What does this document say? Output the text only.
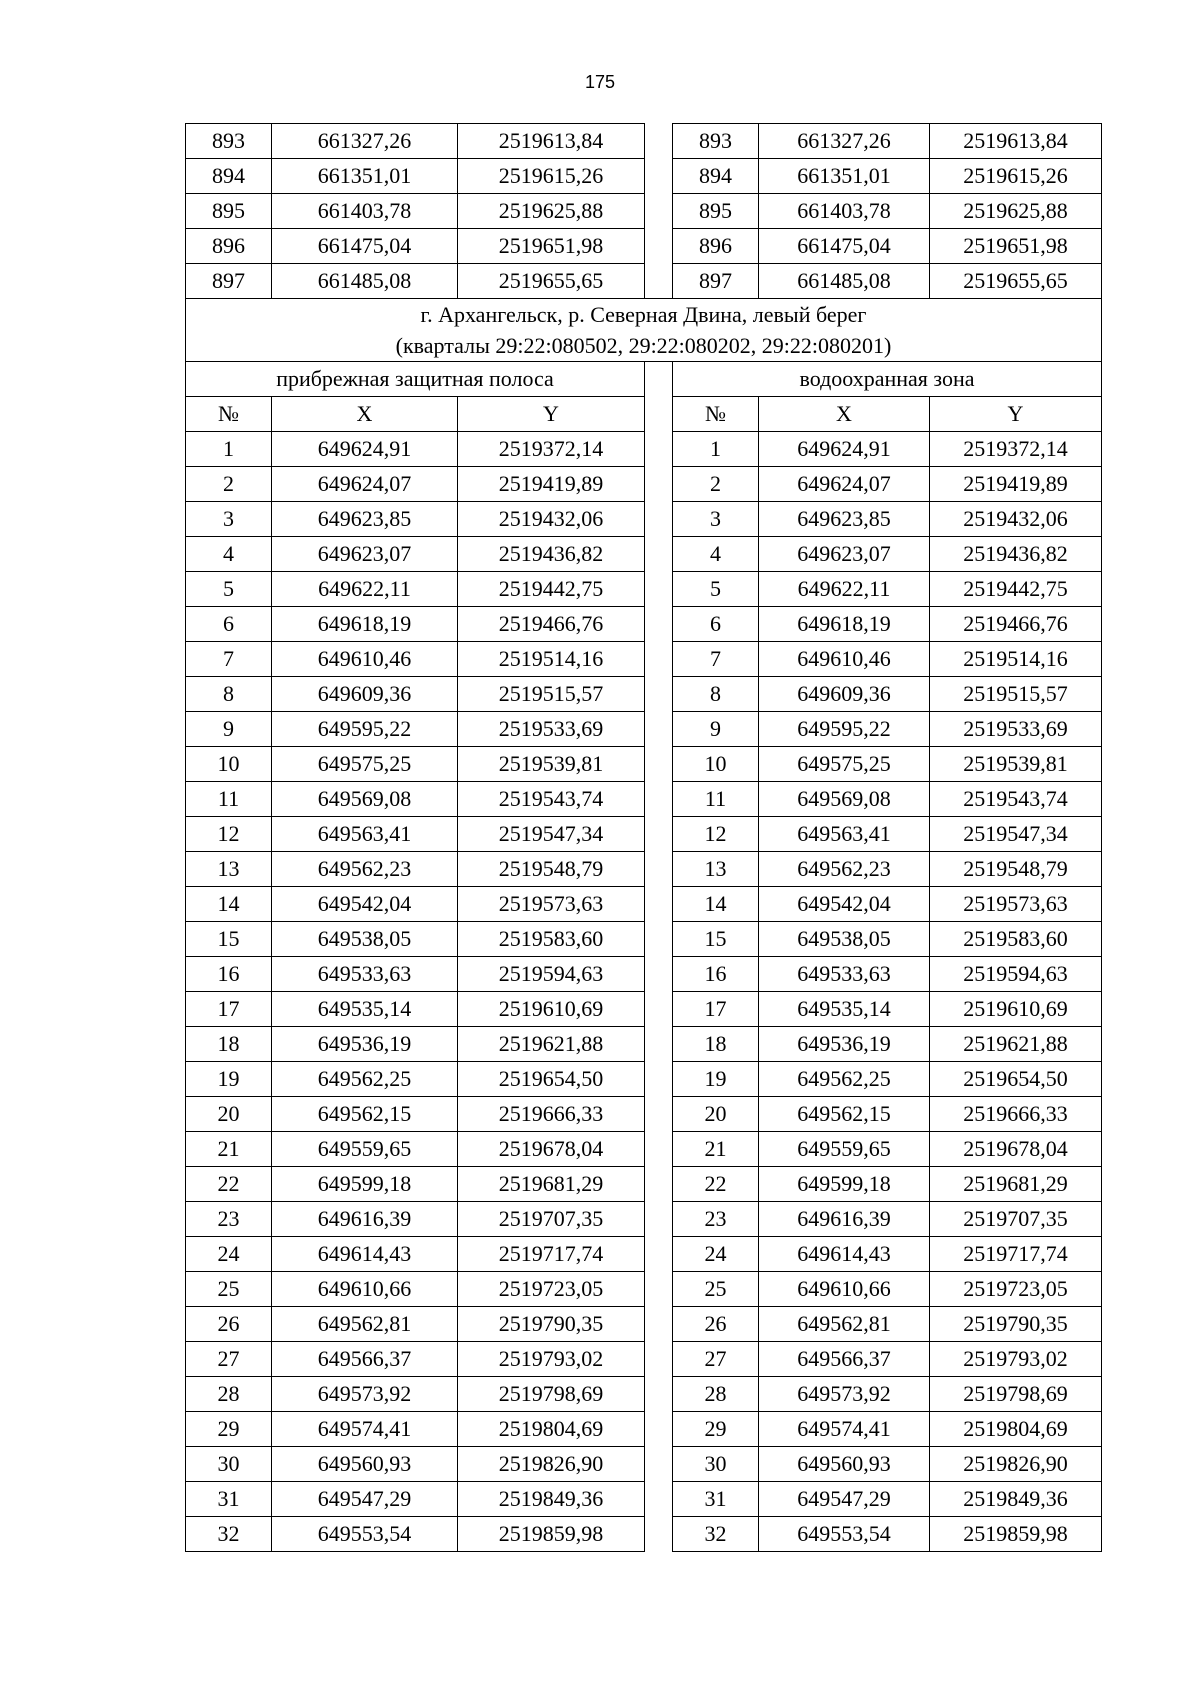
175
893	661327,26	2519613,84		893	661327,26	2519613,84
894	661351,01	2519615,26		894	661351,01	2519615,26
895	661403,78	2519625,88		895	661403,78	2519625,88
896	661475,04	2519651,98		896	661475,04	2519651,98
897	661485,08	2519655,65		897	661485,08	2519655,65

г. Архангельск, р. Северная Двина, левый берег
(кварталы 29:22:080502, 29:22:080202, 29:22:080201)						

прибрежная защитная полоса				водоохранная зона		
№	X	Y		№	X	Y
1	649624,91	2519372,14		1	649624,91	2519372,14
2	649624,07	2519419,89		2	649624,07	2519419,89
3	649623,85	2519432,06		3	649623,85	2519432,06
4	649623,07	2519436,82		4	649623,07	2519436,82
5	649622,11	2519442,75		5	649622,11	2519442,75
6	649618,19	2519466,76		6	649618,19	2519466,76
7	649610,46	2519514,16		7	649610,46	2519514,16
8	649609,36	2519515,57		8	649609,36	2519515,57
9	649595,22	2519533,69		9	649595,22	2519533,69
10	649575,25	2519539,81		10	649575,25	2519539,81
11	649569,08	2519543,74		11	649569,08	2519543,74
12	649563,41	2519547,34		12	649563,41	2519547,34
13	649562,23	2519548,79		13	649562,23	2519548,79
14	649542,04	2519573,63		14	649542,04	2519573,63
15	649538,05	2519583,60		15	649538,05	2519583,60
16	649533,63	2519594,63		16	649533,63	2519594,63
17	649535,14	2519610,69		17	649535,14	2519610,69
18	649536,19	2519621,88		18	649536,19	2519621,88
19	649562,25	2519654,50		19	649562,25	2519654,50
20	649562,15	2519666,33		20	649562,15	2519666,33
21	649559,65	2519678,04		21	649559,65	2519678,04
22	649599,18	2519681,29		22	649599,18	2519681,29
23	649616,39	2519707,35		23	649616,39	2519707,35
24	649614,43	2519717,74		24	649614,43	2519717,74
25	649610,66	2519723,05		25	649610,66	2519723,05
26	649562,81	2519790,35		26	649562,81	2519790,35
27	649566,37	2519793,02		27	649566,37	2519793,02
28	649573,92	2519798,69		28	649573,92	2519798,69
29	649574,41	2519804,69		29	649574,41	2519804,69
30	649560,93	2519826,90		30	649560,93	2519826,90
31	649547,29	2519849,36		31	649547,29	2519849,36
32	649553,54	2519859,98		32	649553,54	2519859,98
